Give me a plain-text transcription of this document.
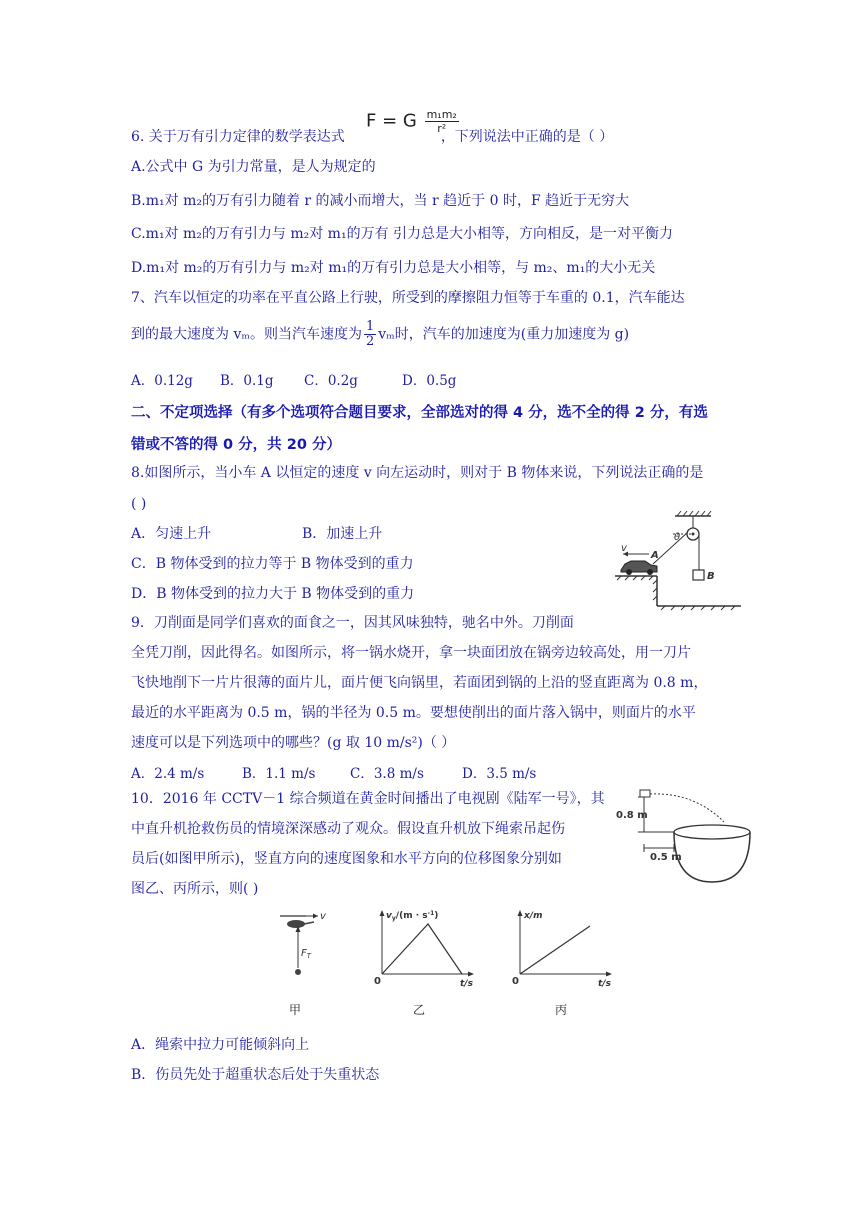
F = G $\frac{\text{m₁m₂}}{\text{r²}}$
6. 关于万有引力定律的数学表达式	，下列说法中正确的是（ ）
A.公式中 G 为引力常量，是人为规定的
B.m₁对 m₂的万有引力随着 r 的减小而增大，当 r 趋近于 0 时，F 趋近于无穷大
C.m₁对 m₂的万有引力与 m₂对 m₁的万有 引力总是大小相等，方向相反，是一对平衡力
D.m₁对 m₂的万有引力与 m₂对 m₁的万有引力总是大小相等，与 m₂、m₁的大小无关
7、汽车以恒定的功率在平直公路上行驶，所受到的摩擦阻力恒等于车重的 0.1，汽车能达
到的最大速度为 vₘ。则当汽车速度为 $\frac{1}{2}$ vₘ时，汽车的加速度为(重力加速度为 g)
A．0.12g B．0.1g C．0.2g	D．0.5g
二、不定项选择（有多个选项符合题目要求，全部选对的得 4 分，选不全的得 2 分，有选
错或不答的得 0 分，共 20 分）
8.如图所示，当小车 A 以恒定的速度 v 向左运动时，则对于 B 物体来说，下列说法正确的是
( )
A．匀速上升	B．加速上升
C．B 物体受到的拉力等于 B 物体受到的重力
D．B 物体受到的拉力大于 B 物体受到的重力
θ
B
v
A
9．刀削面是同学们喜欢的面食之一，因其风味独特，驰名中外。刀削面
全凭刀削，因此得名。如图所示，将一锅水烧开，拿一块面团放在锅旁边较高处，用一刀片
飞快地削下一片片很薄的面片儿，面片便飞向锅里，若面团到锅的上沿的竖直距离为 0.8 m，
最近的水平距离为 0.5 m，锅的半径为 0.5 m。要想使削出的面片落入锅中，则面片的水平
速度可以是下列选项中的哪些？(g 取 10 m/s²)（ ）
A．2.4 m/s	B．1.1 m/s	C．3.8 m/s	D．3.5 m/s
0.8 m
0.5 m
10．2016 年 CCTV－1 综合频道在黄金时间播出了电视剧《陆军一号》，其
中直升机抢救伤员的情境深深感动了观众。假设直升机放下绳索吊起伤
员后(如图甲所示)，竖直方向的速度图象和水平方向的位移图象分别如
图乙、丙所示，则( )
v
$F_T$
$v_y/(m \cdot s^{-1})$
0	t/s
x/m
0	t/s
甲	乙	丙
A．绳索中拉力可能倾斜向上
B．伤员先处于超重状态后处于失重状态
